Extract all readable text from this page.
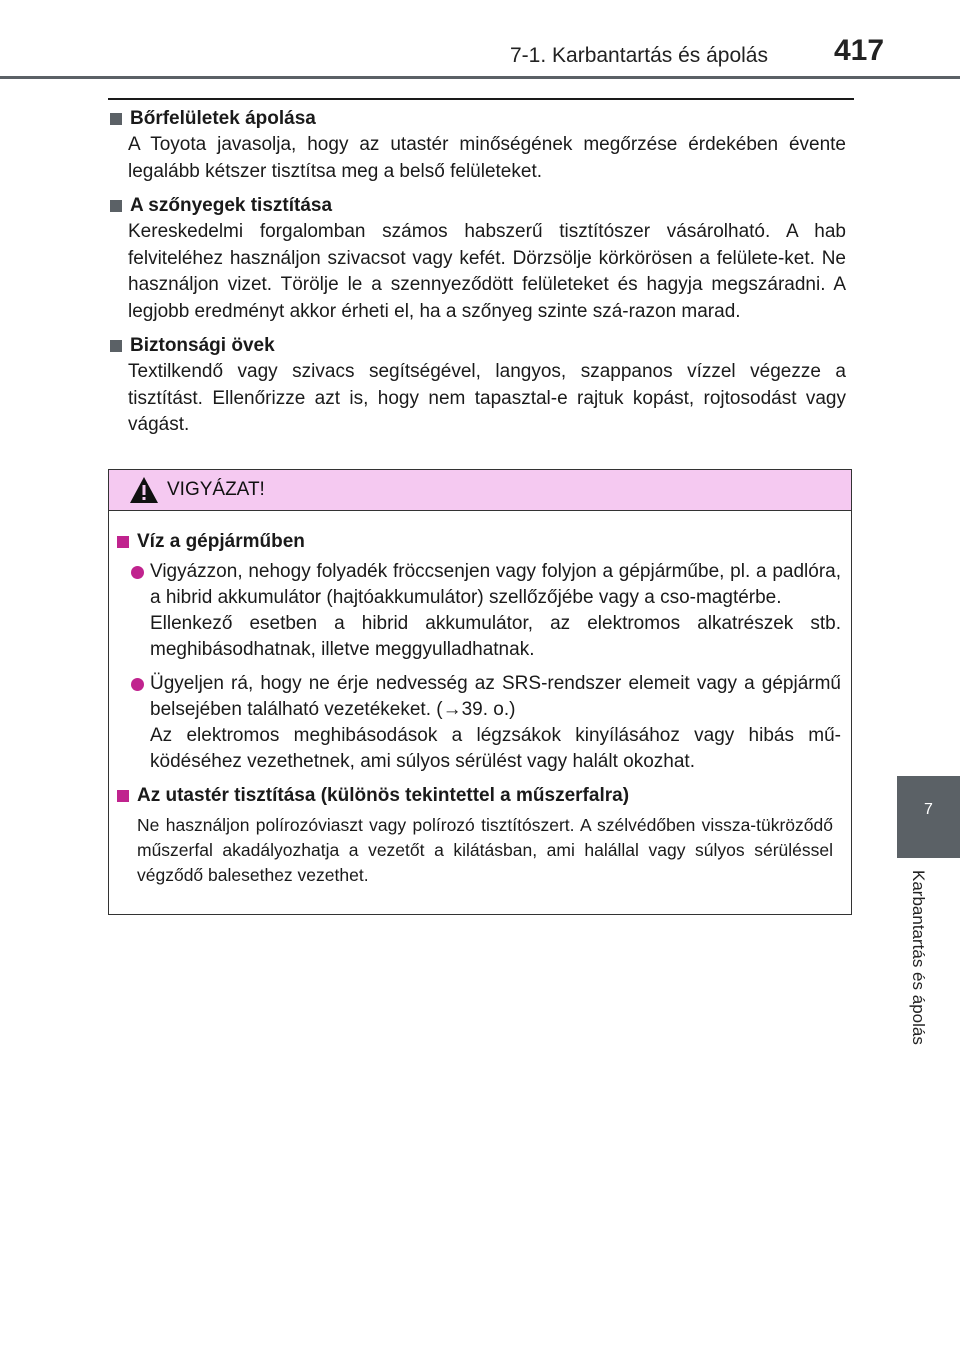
7-1. Karbantartás és ápolás 417
7
Karbantartás és ápolás
Bőrfelületek ápolása
A Toyota javasolja, hogy az utastér minőségének megőrzése érdekében évente legalább kétszer tisztítsa meg a belső felületeket.
A szőnyegek tisztítása
Kereskedelmi forgalomban számos habszerű tisztítószer vásárolható. A hab felviteléhez használjon szivacsot vagy kefét. Dörzsölje körkörösen a felülete-ket. Ne használjon vizet. Törölje le a szennyeződött felületeket és hagyja megszáradni. A legjobb eredményt akkor érheti el, ha a szőnyeg szinte szá-razon marad.
Biztonsági övek
Textilkendő vagy szivacs segítségével, langyos, szappanos vízzel végezze a tisztítást. Ellenőrizze azt is, hogy nem tapasztal-e rajtuk kopást, rojtosodást vagy vágást.
VIGYÁZAT!
Víz a gépjárműben

Vigyázzon, nehogy folyadék fröccsenjen vagy folyjon a gépjárműbe, pl. a padlóra, a hibrid akkumulátor (hajtóakkumulátor) szellőzőjébe vagy a cso-magtérbe.

Ellenkező esetben a hibrid akkumulátor, az elektromos alkatrészek stb. meghibásodhatnak, illetve meggyulladhatnak.

Ügyeljen rá, hogy ne érje nedvesség az SRS-rendszer elemeit vagy a gépjármű belsejében található vezetékeket. (→39. o.)

Az elektromos meghibásodások a légzsákok kinyílásához vagy hibás mű-ködéséhez vezethetnek, ami súlyos sérülést vagy halált okozhat.

Az utastér tisztítása (különös tekintettel a műszerfalra)
Ne használjon polírozóviaszt vagy polírozó tisztítószert. A szélvédőben vissza-tükröződő műszerfal akadályozhatja a vezetőt a kilátásban, ami halállal vagy súlyos sérüléssel végződő balesethez vezethet.
